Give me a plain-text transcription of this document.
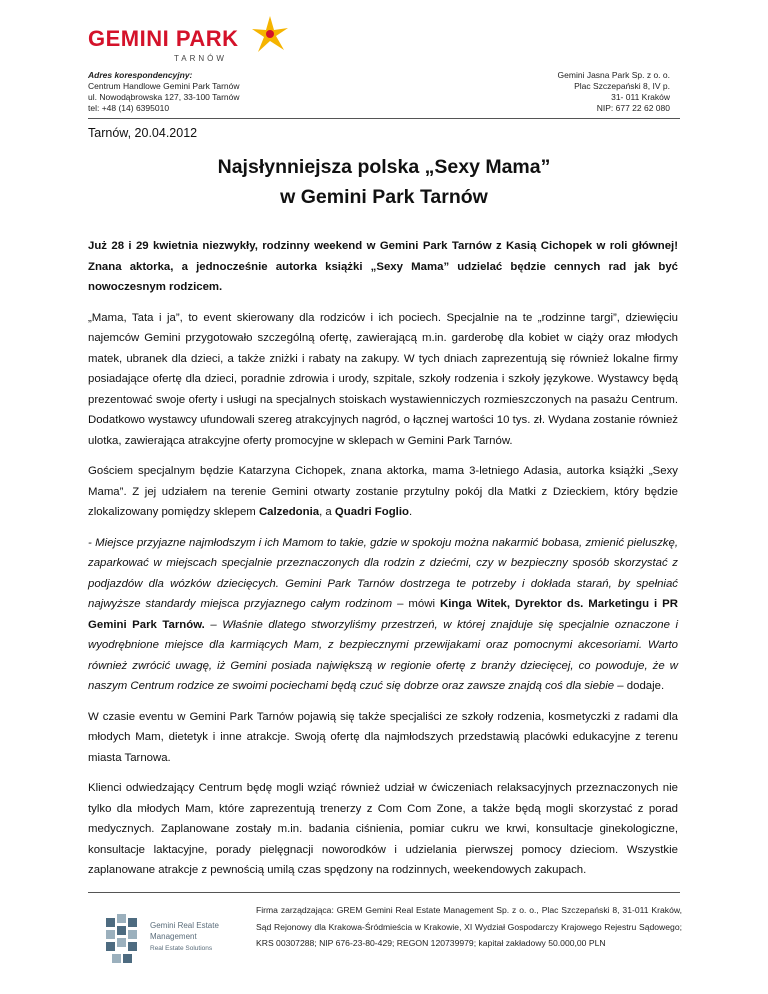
GEMINI PARK
TARNÓW
Adres korespondencyjny:
Centrum Handlowe Gemini Park Tarnów
ul. Nowodąbrowska 127, 33-100 Tarnów
tel: +48 (14) 6395010
Gemini Jasna Park Sp. z o. o.
Plac Szczepański 8, IV p.
31- 011 Kraków
NIP: 677 22 62 080
Tarnów, 20.04.2012
Najsłynniejsza polska „Sexy Mama”
w Gemini Park Tarnów

Już 28 i 29 kwietnia niezwykły, rodzinny weekend w Gemini Park Tarnów z Kasią Cichopek w roli głównej! Znana aktorka, a jednocześnie autorka książki „Sexy Mama” udzielać będzie cennych rad jak być nowoczesnym rodzicem.

„Mama, Tata i ja”, to event skierowany dla rodziców i ich pociech. Specjalnie na te „rodzinne targi”, dziewięciu najemców Gemini przygotowało szczególną ofertę, zawierającą m.in. garderobę dla kobiet w ciąży oraz młodych matek, ubranek dla dzieci, a także zniżki i rabaty na zakupy. W tych dniach zaprezentują się również lokalne firmy posiadające ofertę dla dzieci, poradnie zdrowia i urody, szpitale, szkoły rodzenia i szkoły językowe. Wystawcy będą prezentować swoje oferty i usługi na specjalnych stoiskach wystawienniczych rozmieszczonych na pasażu Centrum. Dodatkowo wystawcy ufundowali szereg atrakcyjnych nagród, o łącznej wartości 10 tys. zł. Wydana zostanie również ulotka, zawierająca atrakcyjne oferty promocyjne w sklepach w Gemini Park Tarnów.

Gościem specjalnym będzie Katarzyna Cichopek, znana aktorka, mama 3-letniego Adasia, autorka książki „Sexy Mama”. Z jej udziałem na terenie Gemini otwarty zostanie przytulny pokój dla Matki z Dzieckiem, który będzie zlokalizowany pomiędzy sklepem Calzedonia, a Quadri Foglio.

- Miejsce przyjazne najmłodszym i ich Mamom to takie, gdzie w spokoju można nakarmić bobasa, zmienić pieluszkę, zaparkować w miejscach specjalnie przeznaczonych dla rodzin z dziećmi, czy w bezpieczny sposób skorzystać z podjazdów dla wózków dziecięcych. Gemini Park Tarnów dostrzega te potrzeby i dokłada starań, by spełniać najwyższe standardy miejsca przyjaznego całym rodzinom – mówi Kinga Witek, Dyrektor ds. Marketingu i PR Gemini Park Tarnów. – Właśnie dlatego stworzyliśmy przestrzeń, w której znajduje się specjalnie oznaczone i wyodrębnione miejsce dla karmiących Mam, z bezpiecznymi przewijakami oraz pomocnymi akcesoriami. Warto również zwrócić uwagę, iż Gemini posiada największą w regionie ofertę z branży dziecięcej, co powoduje, że w naszym Centrum rodzice ze swoimi pociechami będą czuć się dobrze oraz zawsze znajdą coś dla siebie – dodaje.

W czasie eventu w Gemini Park Tarnów pojawią się także specjaliści ze szkoły rodzenia, kosmetyczki z radami dla młodych Mam, dietetyk i inne atrakcje. Swoją ofertę dla najmłodszych przedstawią placówki edukacyjne z terenu miasta Tarnowa.

Klienci odwiedzający Centrum będę mogli wziąć również udział w ćwiczeniach relaksacyjnych przeznaczonych nie tylko dla młodych Mam, które zaprezentują trenerzy z Com Com Zone, a także będą mogli skorzystać z porad medycznych. Zaplanowane zostały m.in. badania ciśnienia, pomiar cukru we krwi, konsultacje ginekologiczne, konsultacje laktacyjne, porady pielęgnacji noworodków i udzielania pierwszej pomocy dzieciom. Wszystkie zaplanowane atrakcje z pewnością umilą czas spędzony na rodzinnych, weekendowych zakupach.

Gemini Real Estate
Management
Real Estate Solutions
Firma zarządzająca: GREM Gemini Real Estate Management Sp. z o. o., Plac Szczepański 8, 31-011 Kraków, Sąd Rejonowy dla Krakowa-Śródmieścia w Krakowie, XI Wydział Gospodarczy Krajowego Rejestru Sądowego; KRS 00307288; NIP 676-23-80-429; REGON 120739979; kapitał zakładowy 50.000,00 PLN
